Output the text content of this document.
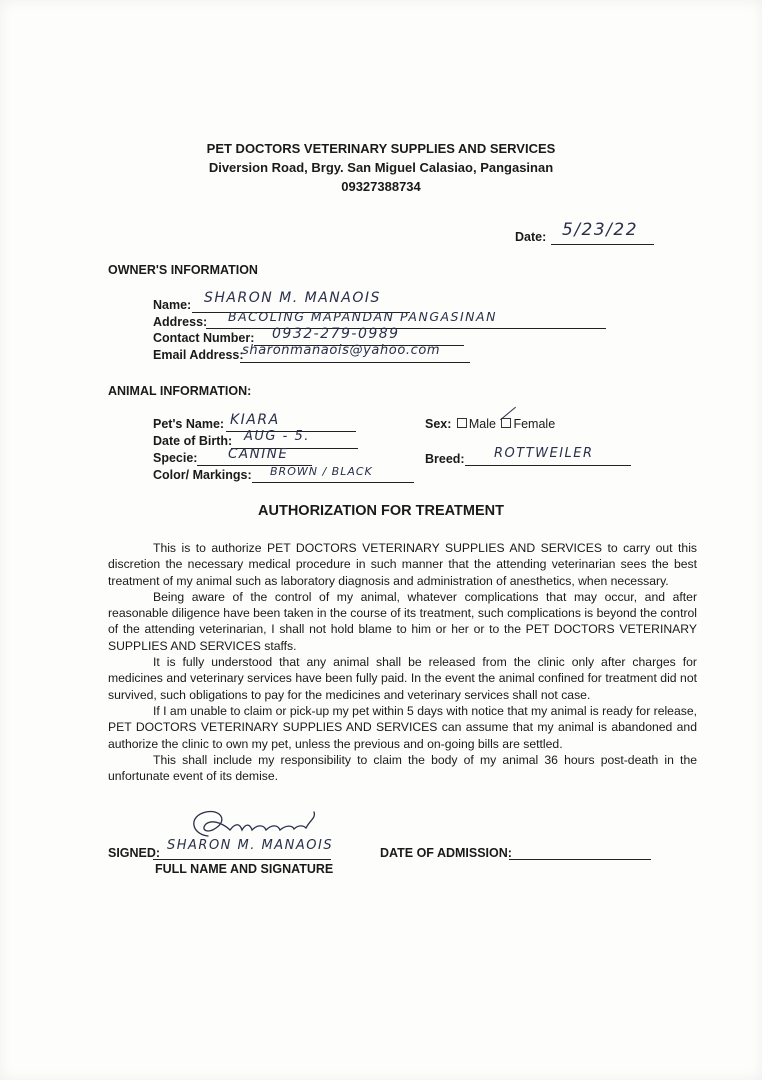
PET DOCTORS VETERINARY SUPPLIES AND SERVICES
Diversion Road, Brgy. San Miguel Calasiao, Pangasinan
09327388734
Date: 5/23/22
OWNER'S INFORMATION
Name: SHARON M. MANAOIS
Address: BACOLING MAPANDAN PANGASINAN
Contact Number: 0932-279-0989
Email Address:
sharonmanaois@yahoo.com
ANIMAL INFORMATION:
Pet's Name: KIARA
Date of Birth: AUG - 5.
Specie: CANINE
Color/ Markings: BROWN / BLACK
Sex: Male Female
Breed: ROTTWEILER
AUTHORIZATION FOR TREATMENT

This is to authorize PET DOCTORS VETERINARY SUPPLIES AND SERVICES to carry out this discretion the necessary medical procedure in such manner that the attending veterinarian sees the best treatment of my animal such as laboratory diagnosis and administration of anesthetics, when necessary.

Being aware of the control of my animal, whatever complications that may occur, and after reasonable diligence have been taken in the course of its treatment, such complications is beyond the control of the attending veterinarian, I shall not hold blame to him or her or to the PET DOCTORS VETERINARY SUPPLIES AND SERVICES staffs.

It is fully understood that any animal shall be released from the clinic only after charges for medicines and veterinary services have been fully paid. In the event the animal confined for treatment did not survived, such obligations to pay for the medicines and veterinary services shall not case.

If I am unable to claim or pick-up my pet within 5 days with notice that my animal is ready for release, PET DOCTORS VETERINARY SUPPLIES AND SERVICES can assume that my animal is abandoned and authorize the clinic to own my pet, unless the previous and on-going bills are settled.

This shall include my responsibility to claim the body of my animal 36 hours post-death in the unfortunate event of its demise.

SIGNED: SHARON M. MANAOIS
FULL NAME AND SIGNATURE
DATE OF ADMISSION:
